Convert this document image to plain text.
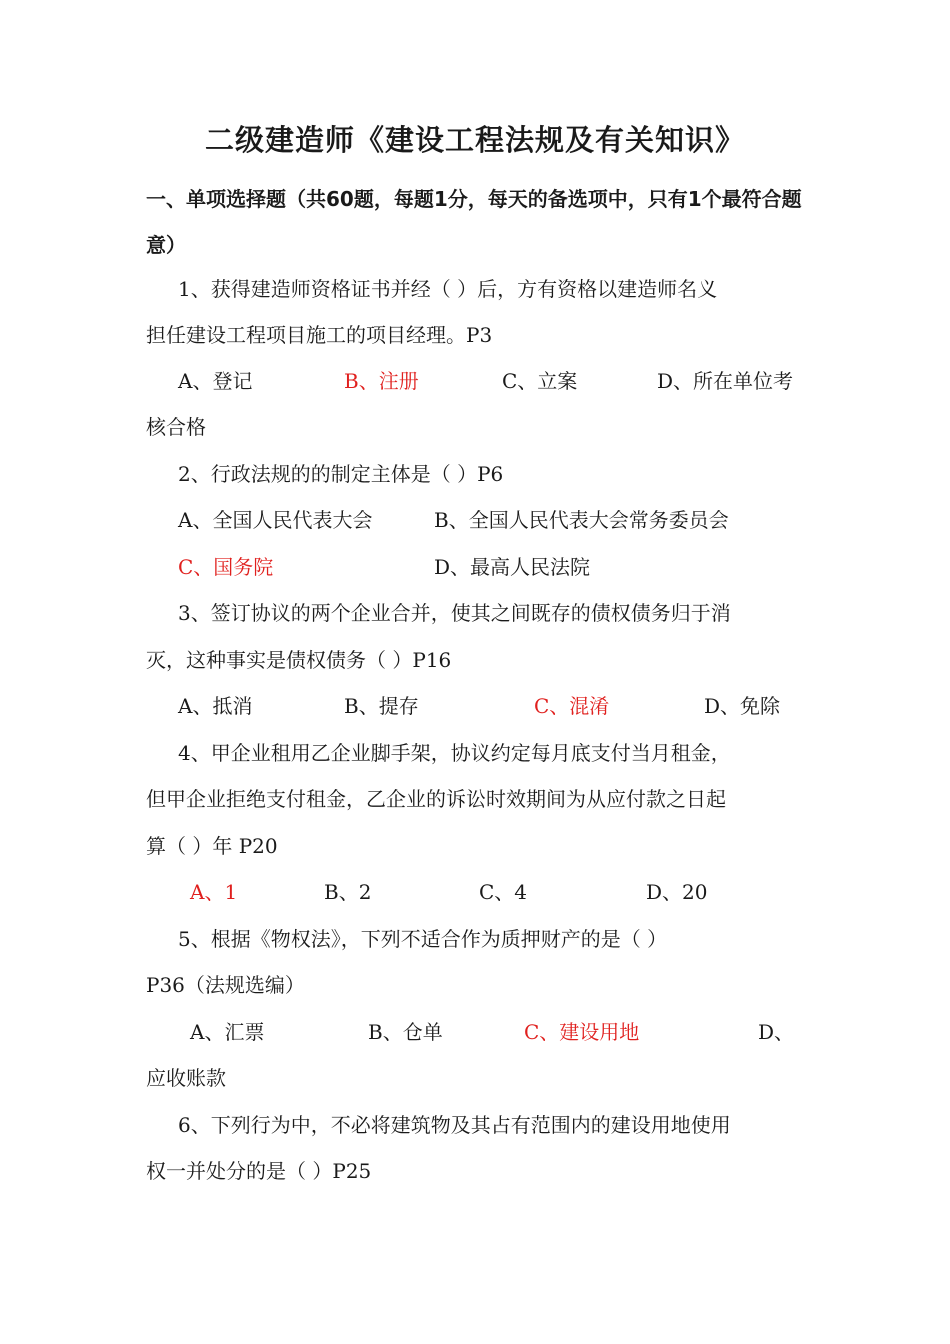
二级建造师《建设工程法规及有关知识》
一、单项选择题（共60题，每题1分，每天的备选项中，只有1个最符合题意）
1、获得建造师资格证书并经（ ）后，方有资格以建造师名义
担任建设工程项目施工的项目经理。P3
A、登记	B、注册	C、立案	D、所在单位考
核合格
2、行政法规的的制定主体是（ ）P6
A、全国人民代表大会	B、全国人民代表大会常务委员会
C、国务院	D、最高人民法院
3、签订协议的两个企业合并，使其之间既存的债权债务归于消
灭，这种事实是债权债务（ ）P16
A、抵消	B、提存	C、混淆	D、免除
4、甲企业租用乙企业脚手架，协议约定每月底支付当月租金，
但甲企业拒绝支付租金，乙企业的诉讼时效期间为从应付款之日起
算（ ）年 P20
A、1	B、2	C、4	D、20
5、根据《物权法》，下列不适合作为质押财产的是（ ）
P36（法规选编）
A、汇票	B、仓单	C、建设用地	D、
应收账款
6、下列行为中，不必将建筑物及其占有范围内的建设用地使用
权一并处分的是（ ）P25
